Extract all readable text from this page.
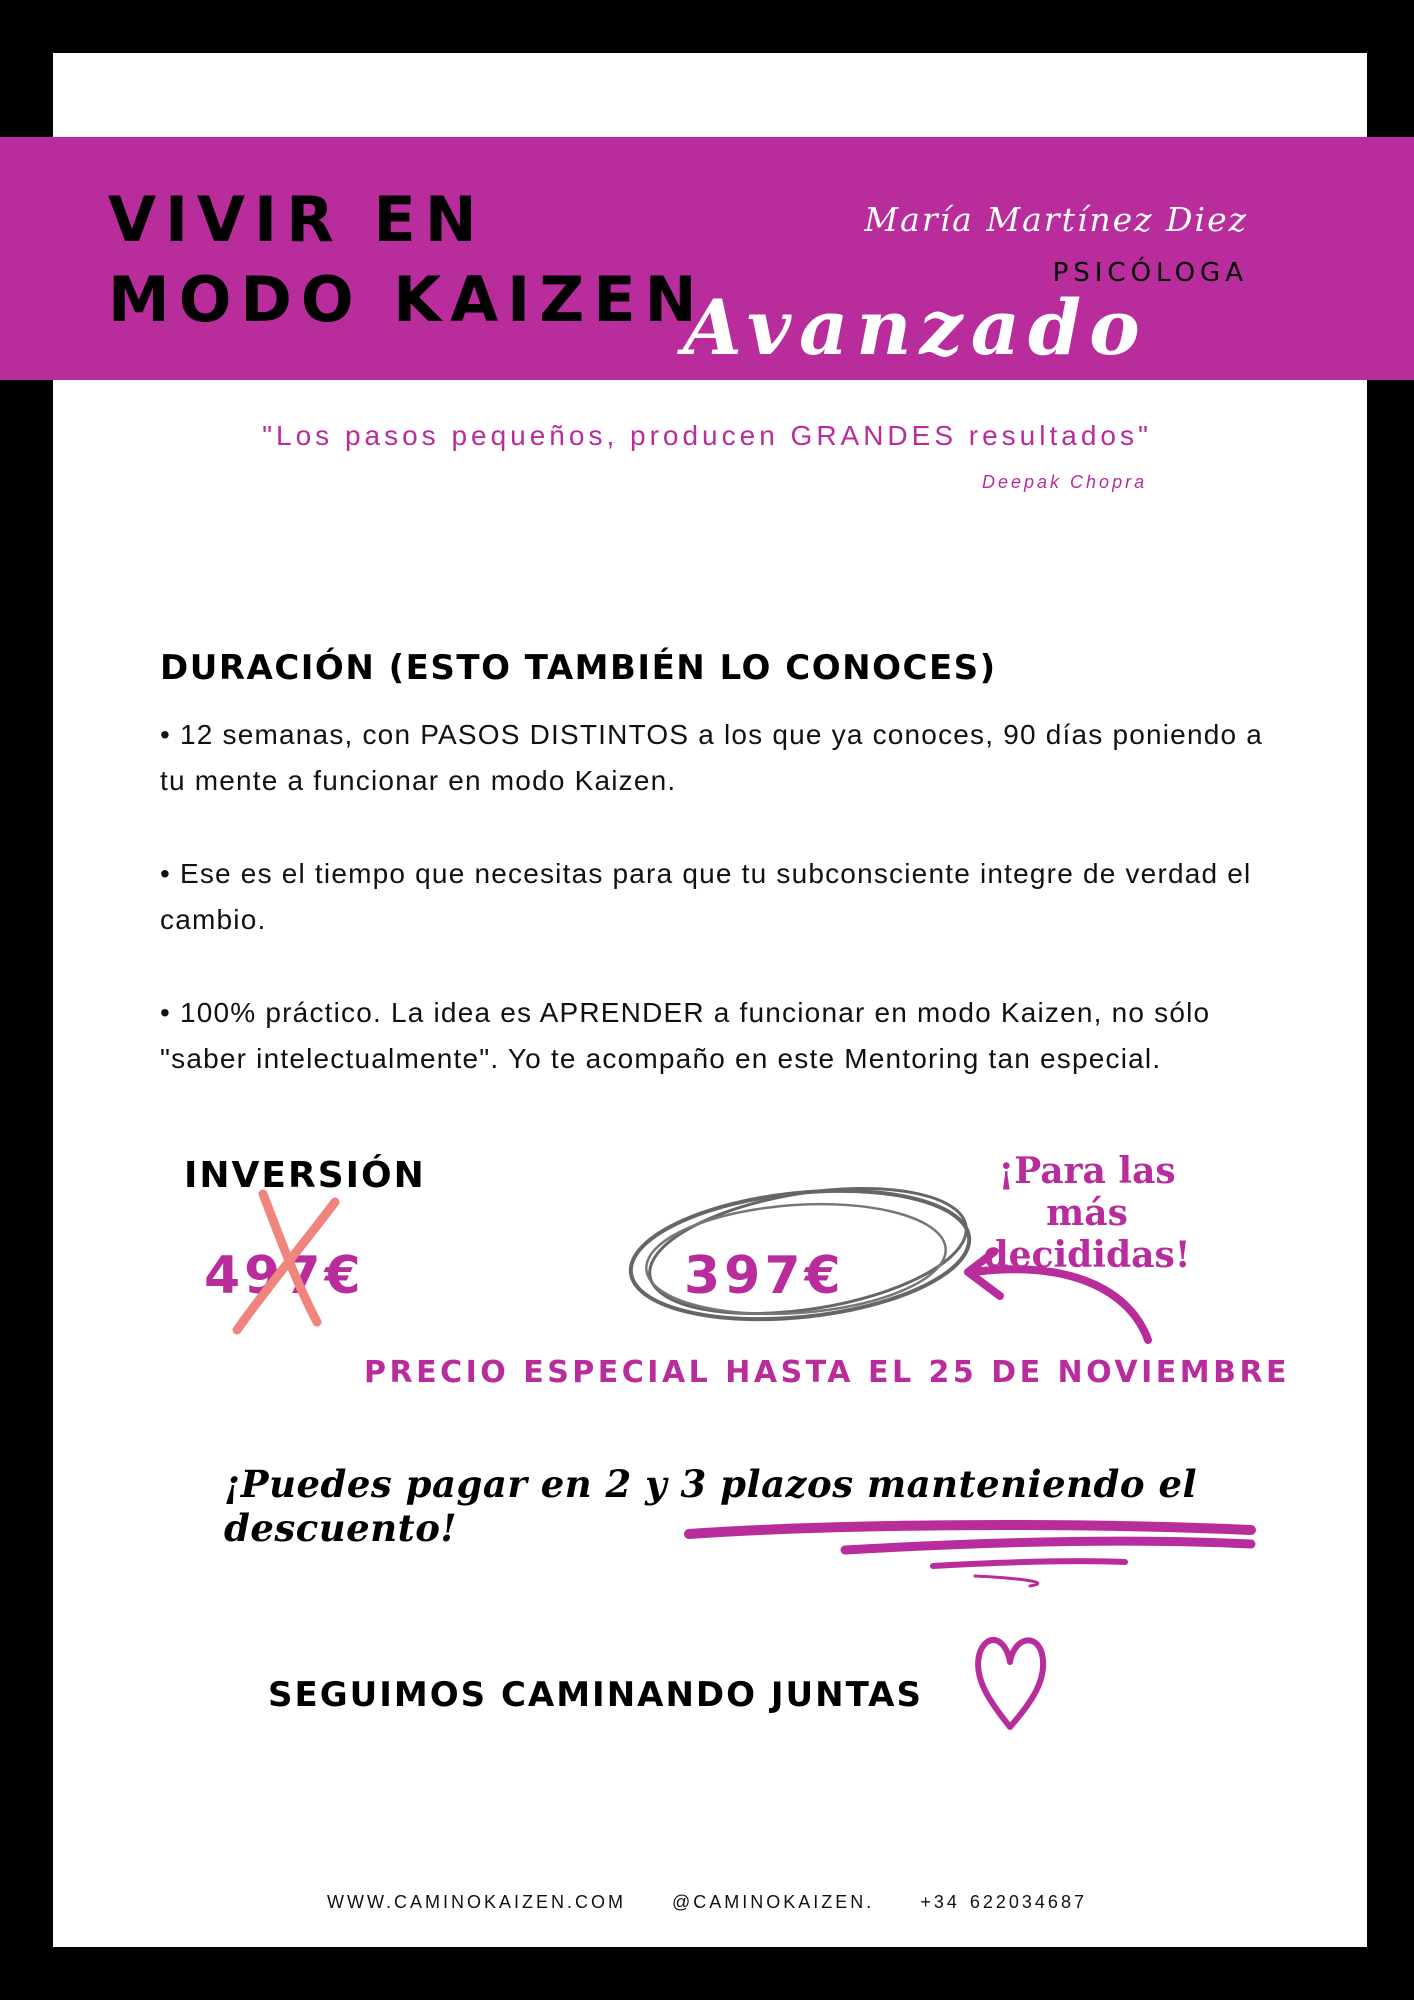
VIVIR EN
MODO KAIZEN
María Martínez Diez
PSICÓLOGA
Avanzado
"Los pasos pequeños, producen GRANDES resultados"
Deepak Chopra
DURACIÓN (ESTO TAMBIÉN LO CONOCES)

• 12 semanas, con PASOS DISTINTOS a los que ya conoces, 90 días poniendo a tu mente a funcionar en modo Kaizen.

• Ese es el tiempo que necesitas para que tu subconsciente integre de verdad el cambio.

• 100% práctico. La idea es APRENDER a funcionar en modo Kaizen, no sólo "saber intelectualmente". Yo te acompaño en este Mentoring tan especial.

INVERSIÓN
497€	397€
¡Para las más
decididas!
PRECIO ESPECIAL HASTA EL 25 DE NOVIEMBRE
¡Puedes pagar en 2 y 3 plazos manteniendo el descuento!
SEGUIMOS CAMINANDO JUNTAS
WWW.CAMINOKAIZEN.COM	@CAMINOKAIZEN.	+34 622034687
